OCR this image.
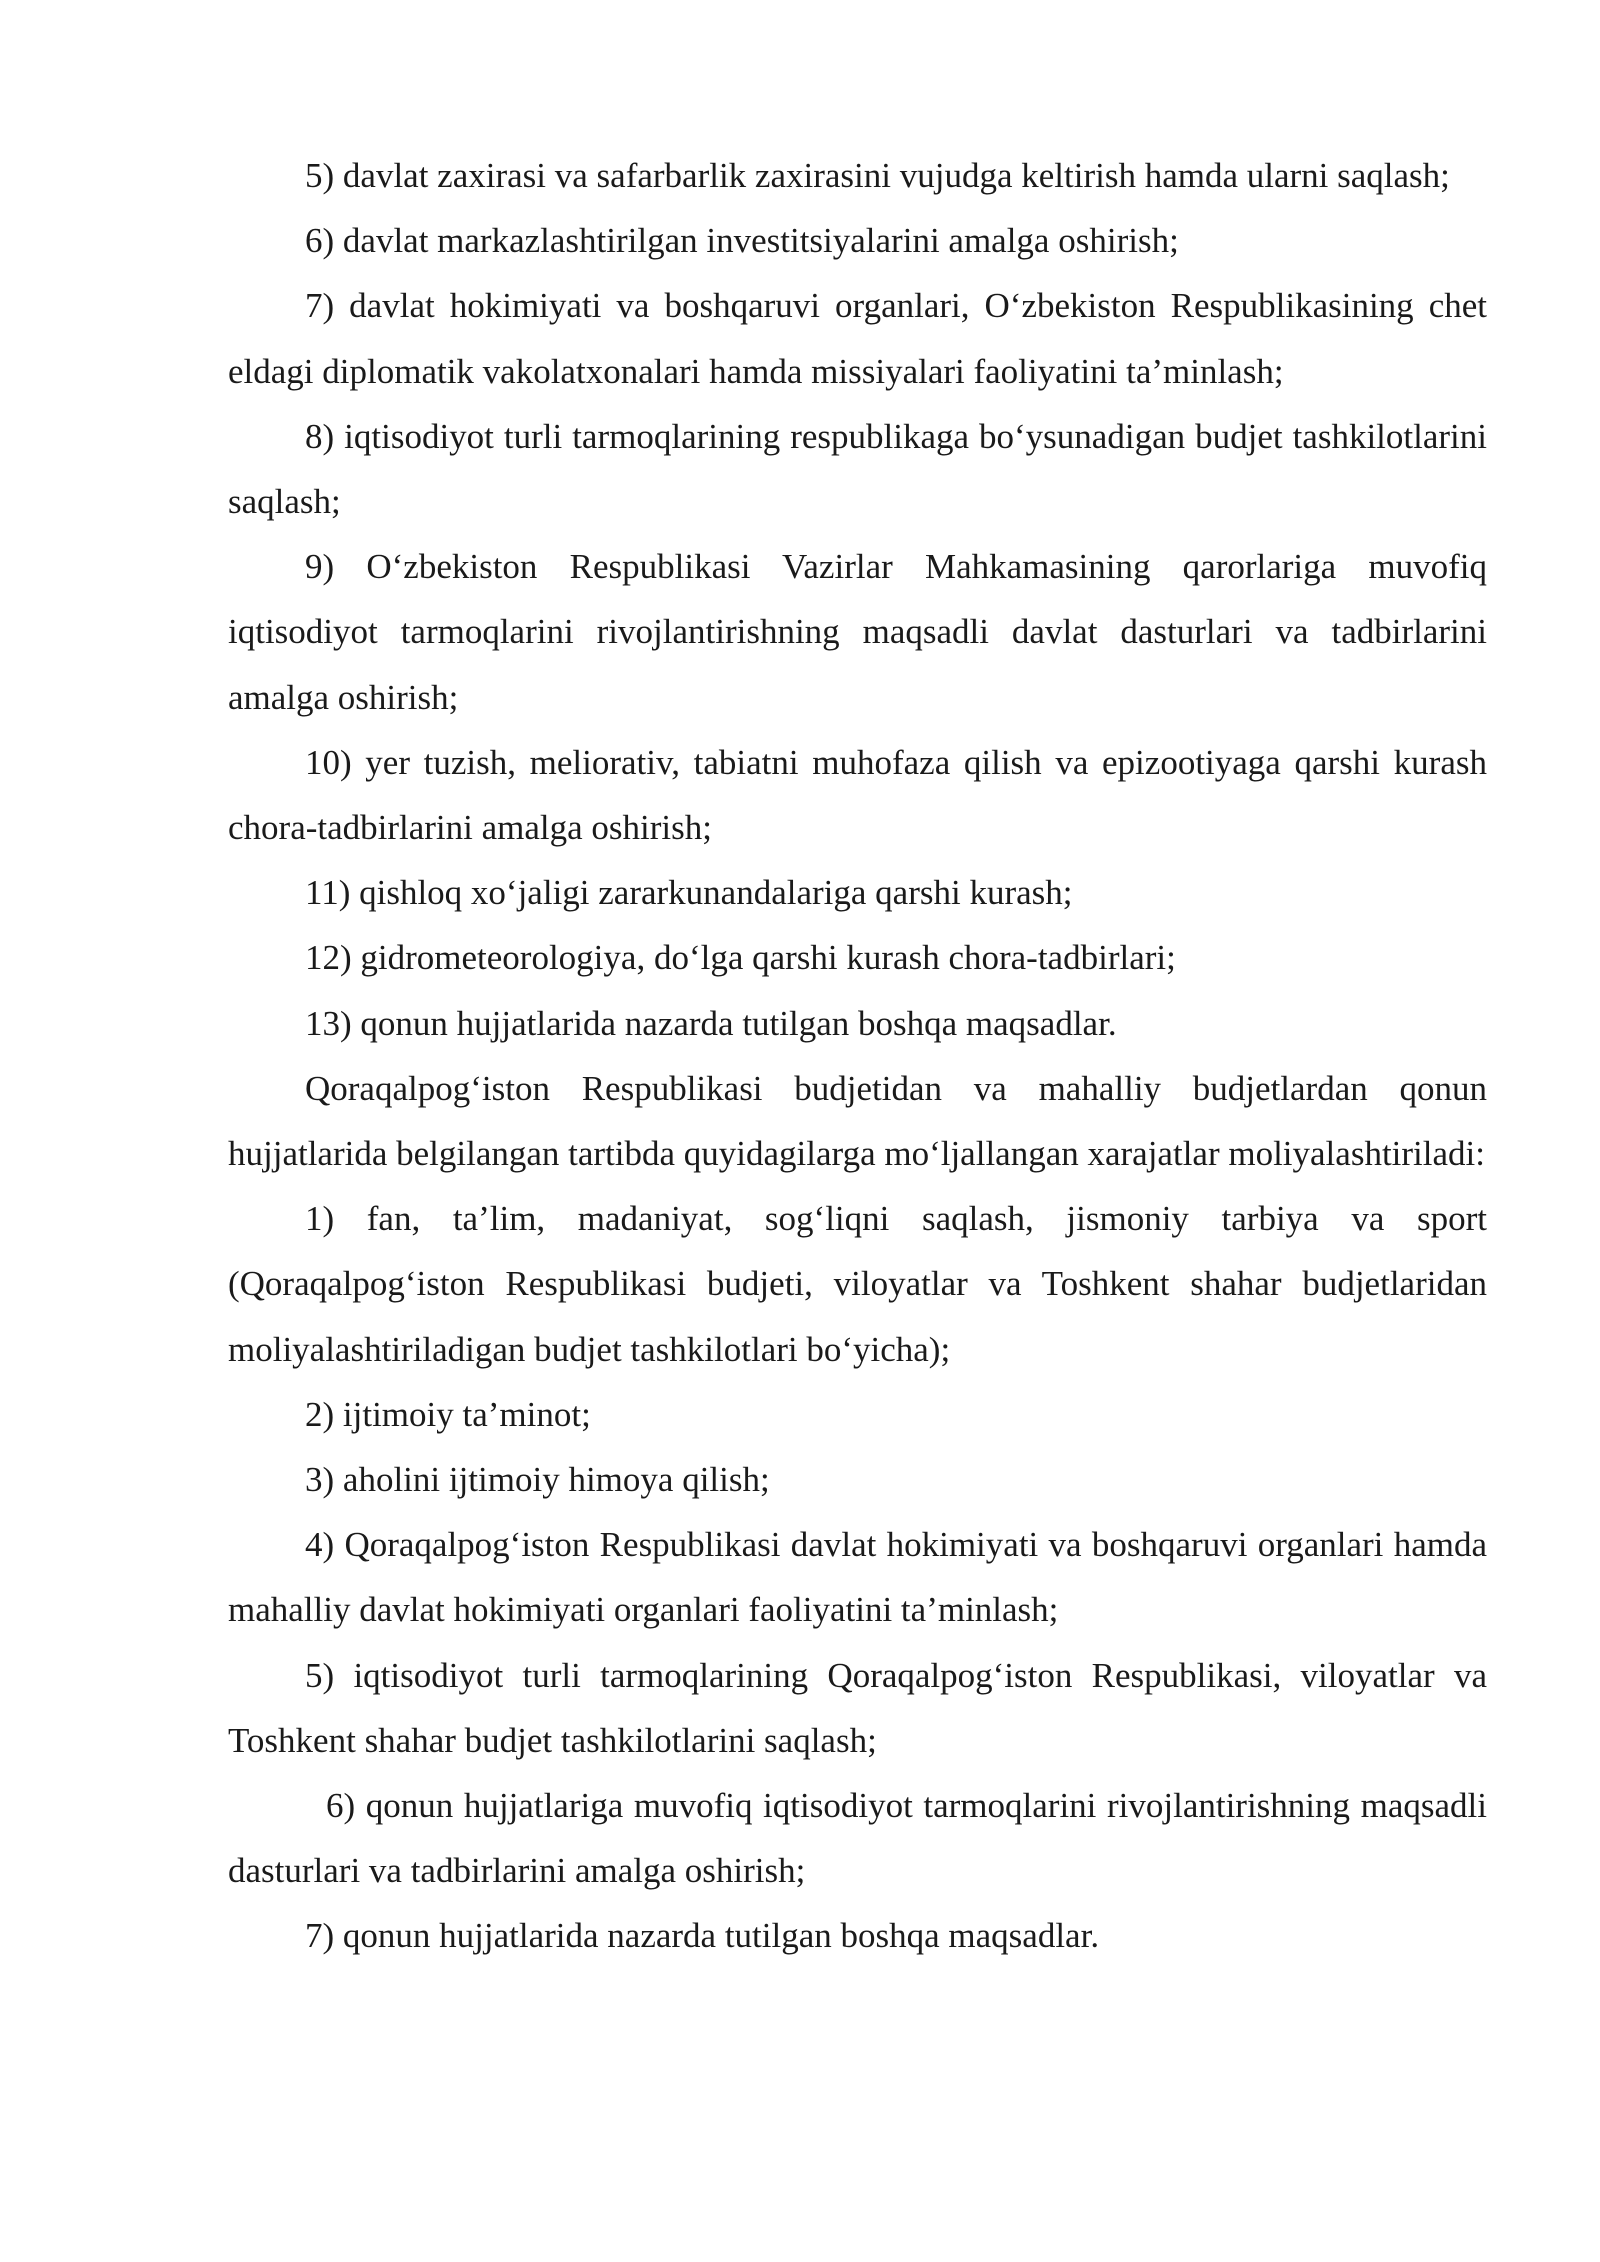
5) davlat zaxirasi va safarbarlik zaxirasini vujudga keltirish hamda ularni saqlash;

6) davlat markazlashtirilgan investitsiyalarini amalga oshirish;

7) davlat hokimiyati va boshqaruvi organlari, O‘zbekiston Respublikasining chet eldagi diplomatik vakolatxonalari hamda missiyalari faoliyatini ta’minlash;

8) iqtisodiyot turli tarmoqlarining respublikaga bo‘ysunadigan budjet tashkilotlarini saqlash;

9) O‘zbekiston Respublikasi Vazirlar Mahkamasining qarorlariga muvofiq iqtisodiyot tarmoqlarini rivojlantirishning maqsadli davlat dasturlari va tadbirlarini amalga oshirish;

10) yer tuzish, meliorativ, tabiatni muhofaza qilish va epizootiyaga qarshi kurash chora-tadbirlarini amalga oshirish;

11) qishloq xo‘jaligi zararkunandalariga qarshi kurash;

12) gidrometeorologiya, do‘lga qarshi kurash chora-tadbirlari;

13) qonun hujjatlarida nazarda tutilgan boshqa maqsadlar.

Qoraqalpog‘iston Respublikasi budjetidan va mahalliy budjetlardan qonun hujjatlarida belgilangan tartibda quyidagilarga mo‘ljallangan xarajatlar moliyalashtiriladi:

1) fan, ta’lim, madaniyat, sog‘liqni saqlash, jismoniy tarbiya va sport (Qoraqalpog‘iston Respublikasi budjeti, viloyatlar va Toshkent shahar budjetlaridan moliyalashtiriladigan budjet tashkilotlari bo‘yicha);

2) ijtimoiy ta’minot;

3) aholini ijtimoiy himoya qilish;

4) Qoraqalpog‘iston Respublikasi davlat hokimiyati va boshqaruvi organlari hamda mahalliy davlat hokimiyati organlari faoliyatini ta’minlash;

5) iqtisodiyot turli tarmoqlarining Qoraqalpog‘iston Respublikasi, viloyatlar va Toshkent shahar budjet tashkilotlarini saqlash;

6) qonun hujjatlariga muvofiq iqtisodiyot tarmoqlarini rivojlantirishning maqsadli dasturlari va tadbirlarini amalga oshirish;

7) qonun hujjatlarida nazarda tutilgan boshqa maqsadlar.
